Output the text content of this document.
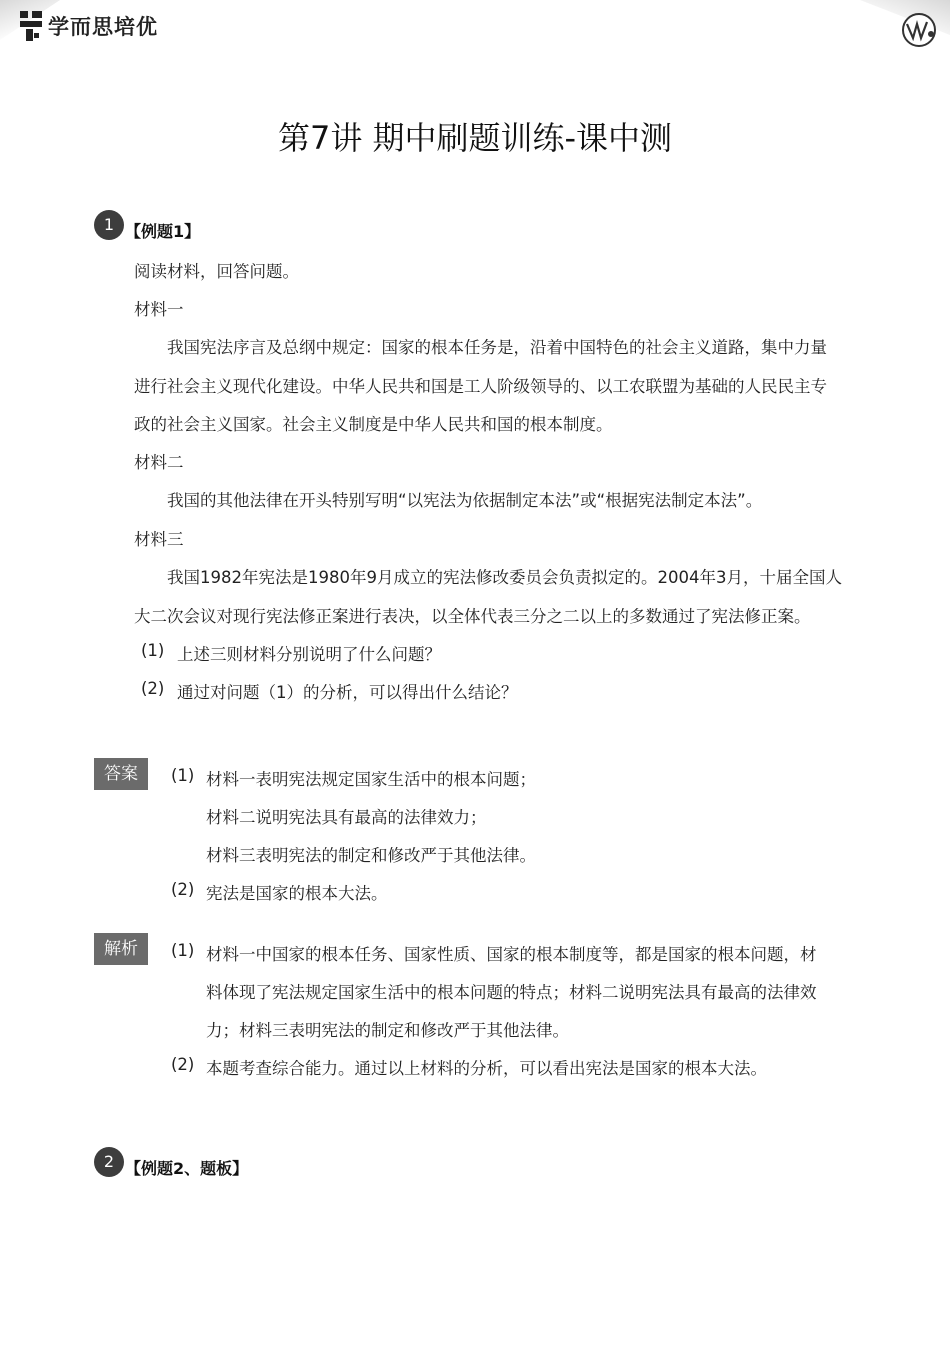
学而思培优
第7讲 期中刷题训练-课中测
1 【例题1】
阅读材料，回答问题。
材料一
我国宪法序言及总纲中规定：国家的根本任务是，沿着中国特色的社会主义道路，集中力量
进行社会主义现代化建设。中华人民共和国是工人阶级领导的、以工农联盟为基础的人民民主专
政的社会主义国家。社会主义制度是中华人民共和国的根本制度。
材料二
我国的其他法律在开头特别写明“以宪法为依据制定本法”或“根据宪法制定本法”。
材料三
我国1982年宪法是1980年9月成立的宪法修改委员会负责拟定的。2004年3月，十届全国人
大二次会议对现行宪法修正案进行表决，以全体代表三分之二以上的多数通过了宪法修正案。
(1) 上述三则材料分别说明了什么问题？
(2) 通过对问题（1）的分析，可以得出什么结论？
答案	(1) 材料一表明宪法规定国家生活中的根本问题；
材料二说明宪法具有最高的法律效力；
材料三表明宪法的制定和修改严于其他法律。
(2) 宪法是国家的根本大法。
解析	(1) 材料一中国家的根本任务、国家性质、国家的根本制度等，都是国家的根本问题，材
料体现了宪法规定国家生活中的根本问题的特点；材料二说明宪法具有最高的法律效
力；材料三表明宪法的制定和修改严于其他法律。
(2) 本题考查综合能力。通过以上材料的分析，可以看出宪法是国家的根本大法。
2 【例题2、题板】
